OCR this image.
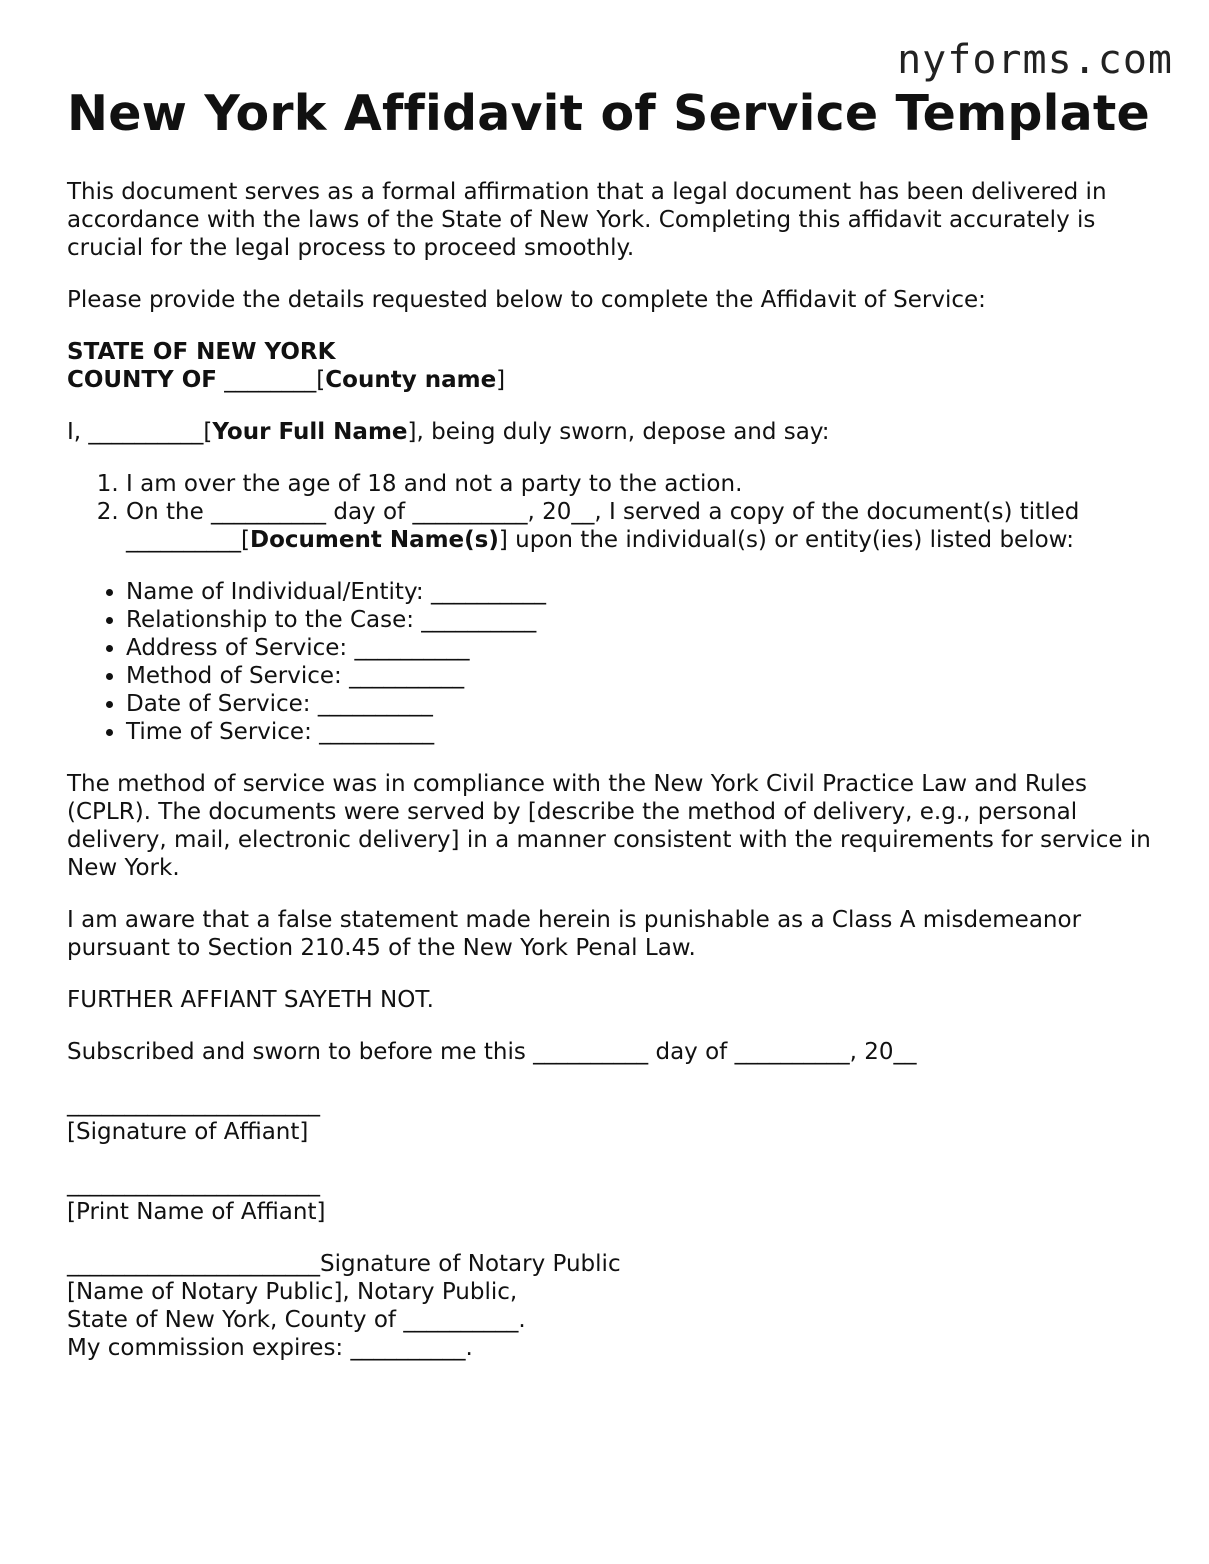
nyforms.com
New York Affidavit of Service Template

This document serves as a formal affirmation that a legal document has been delivered in accordance with the laws of the State of New York. Completing this affidavit accurately is crucial for the legal process to proceed smoothly.

Please provide the details requested below to complete the Affidavit of Service:

STATE OF NEW YORK
COUNTY OF ________[County name]

I, __________[Your Full Name], being duly sworn, depose and say:

1. I am over the age of 18 and not a party to the action.
2. On the __________ day of __________, 20__, I served a copy of the document(s) titled __________[Document Name(s)] upon the individual(s) or entity(ies) listed below:
• Name of Individual/Entity: __________
• Relationship to the Case: __________
• Address of Service: __________
• Method of Service: __________
• Date of Service: __________
• Time of Service: __________

The method of service was in compliance with the New York Civil Practice Law and Rules (CPLR). The documents were served by [describe the method of delivery, e.g., personal delivery, mail, electronic delivery] in a manner consistent with the requirements for service in New York.

I am aware that a false statement made herein is punishable as a Class A misdemeanor pursuant to Section 210.45 of the New York Penal Law.

FURTHER AFFIANT SAYETH NOT.

Subscribed and sworn to before me this __________ day of __________, 20__

______________________
[Signature of Affiant]
______________________
[Print Name of Affiant]
______________________Signature of Notary Public
[Name of Notary Public], Notary Public,
State of New York, County of __________.
My commission expires: __________.
